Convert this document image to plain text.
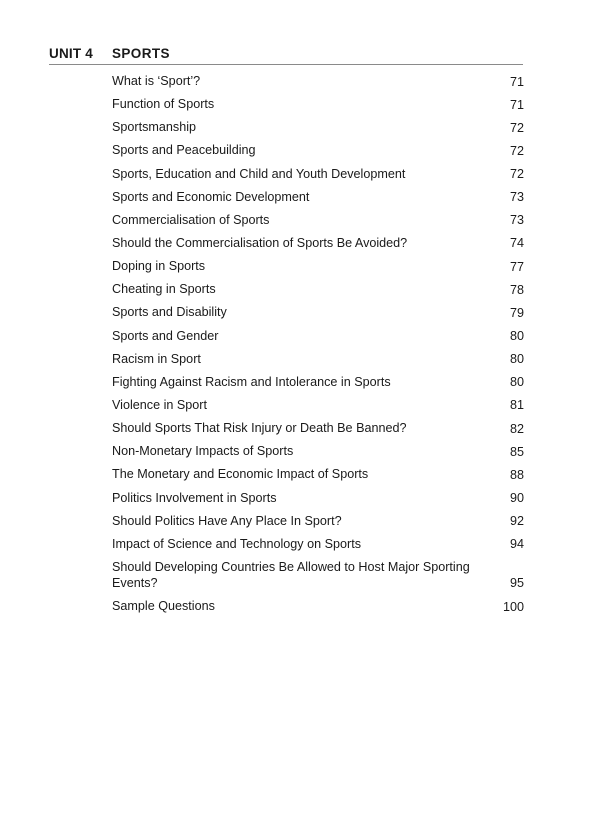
UNIT 4 SPORTS
What is ‘Sport’?	71
Function of Sports	71
Sportsmanship	72
Sports and Peacebuilding	72
Sports, Education and Child and Youth Development	72
Sports and Economic Development	73
Commercialisation of Sports	73
Should the Commercialisation of Sports Be Avoided?	74
Doping in Sports	77
Cheating in Sports	78
Sports and Disability	79
Sports and Gender	80
Racism in Sport	80
Fighting Against Racism and Intolerance in Sports	80
Violence in Sport	81
Should Sports That Risk Injury or Death Be Banned?	82
Non-Monetary Impacts of Sports	85
The Monetary and Economic Impact of Sports	88
Politics Involvement in Sports	90
Should Politics Have Any Place In Sport?	92
Impact of Science and Technology on Sports	94
Should Developing Countries Be Allowed to Host Major Sporting Events?	95
Sample Questions	100
